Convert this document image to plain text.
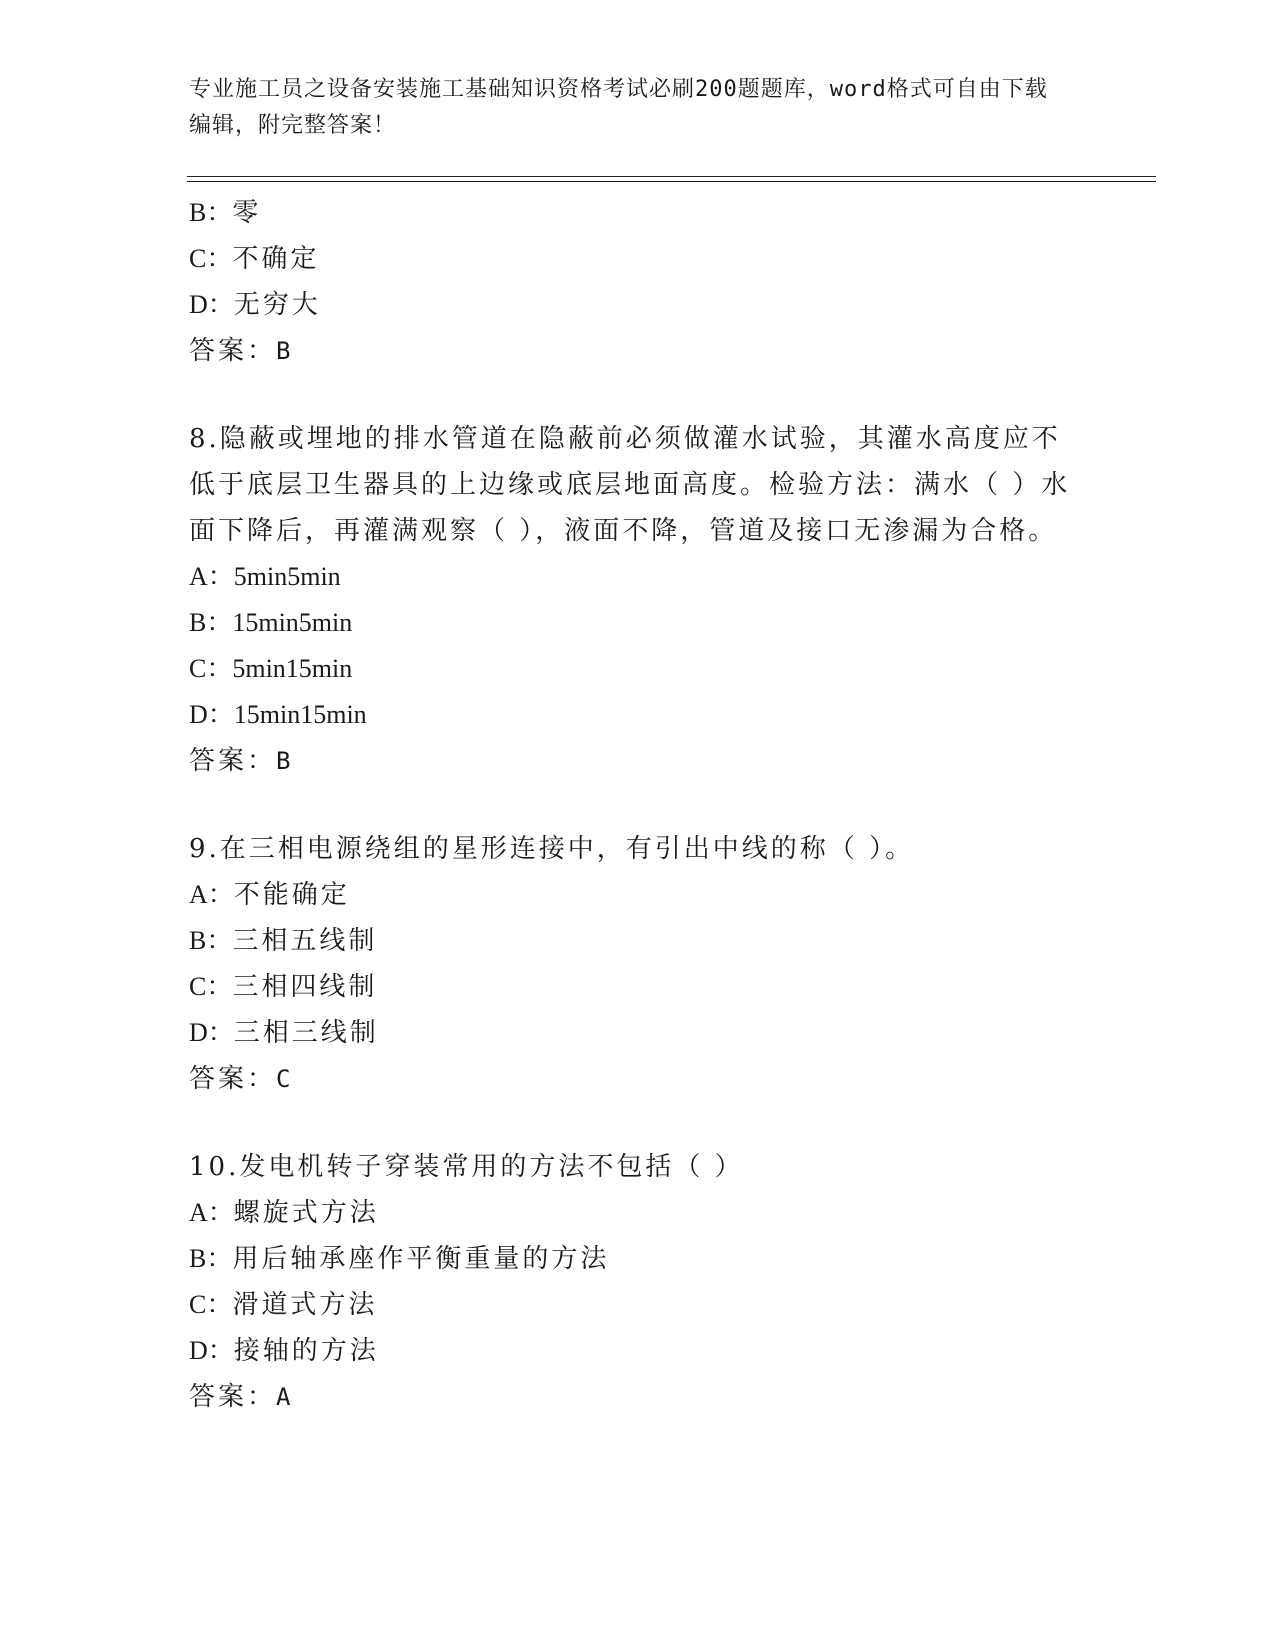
专业施工员之设备安装施工基础知识资格考试必刷200题题库，word格式可自由下载编辑，附完整答案！
B：零
C：不确定
D：无穷大
答案：B
8.隐蔽或埋地的排水管道在隐蔽前必须做灌水试验，其灌水高度应不低于底层卫生器具的上边缘或底层地面高度。检验方法：满水（ ）水面下降后，再灌满观察（ ），液面不降，管道及接口无渗漏为合格。
A：5min5min
B：15min5min
C：5min15min
D：15min15min
答案：B
9.在三相电源绕组的星形连接中，有引出中线的称（ ）。
A：不能确定
B：三相五线制
C：三相四线制
D：三相三线制
答案：C
10.发电机转子穿装常用的方法不包括（ ）
A：螺旋式方法
B：用后轴承座作平衡重量的方法
C：滑道式方法
D：接轴的方法
答案：A
